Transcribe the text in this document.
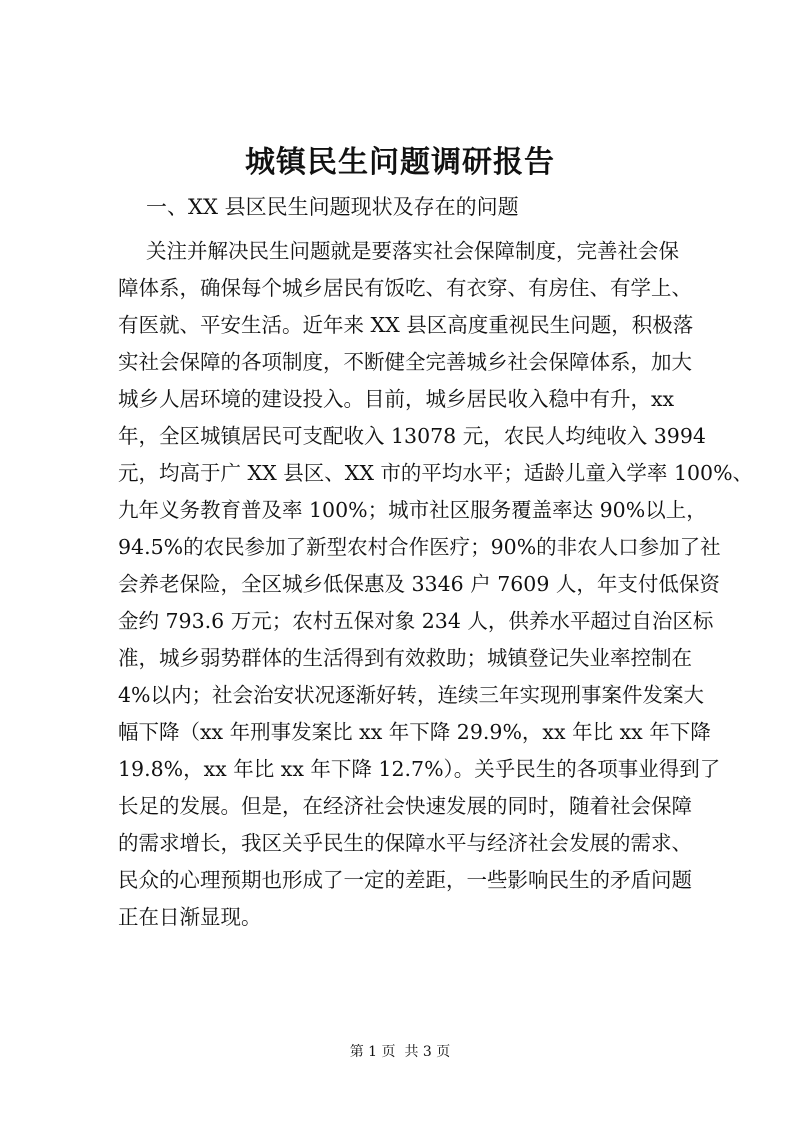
城镇民生问题调研报告
一、XX 县区民生问题现状及存在的问题
关注并解决民生问题就是要落实社会保障制度，完善社会保
障体系，确保每个城乡居民有饭吃、有衣穿、有房住、有学上、
有医就、平安生活。近年来 XX 县区高度重视民生问题，积极落
实社会保障的各项制度，不断健全完善城乡社会保障体系，加大
城乡人居环境的建设投入。目前，城乡居民收入稳中有升，xx
年，全区城镇居民可支配收入 13078 元，农民人均纯收入 3994
元，均高于广 XX 县区、XX 市的平均水平；适龄儿童入学率 100%、
九年义务教育普及率 100%；城市社区服务覆盖率达 90%以上，
94.5%的农民参加了新型农村合作医疗；90%的非农人口参加了社
会养老保险，全区城乡低保惠及 3346 户 7609 人，年支付低保资
金约 793.6 万元；农村五保对象 234 人，供养水平超过自治区标
准，城乡弱势群体的生活得到有效救助；城镇登记失业率控制在
4%以内；社会治安状况逐渐好转，连续三年实现刑事案件发案大
幅下降（xx 年刑事发案比 xx 年下降 29.9%，xx 年比 xx 年下降
19.8%，xx 年比 xx 年下降 12.7%）。关乎民生的各项事业得到了
长足的发展。但是，在经济社会快速发展的同时，随着社会保障
的需求增长，我区关乎民生的保障水平与经济社会发展的需求、
民众的心理预期也形成了一定的差距，一些影响民生的矛盾问题
正在日渐显现。
第 1 页  共 3 页
